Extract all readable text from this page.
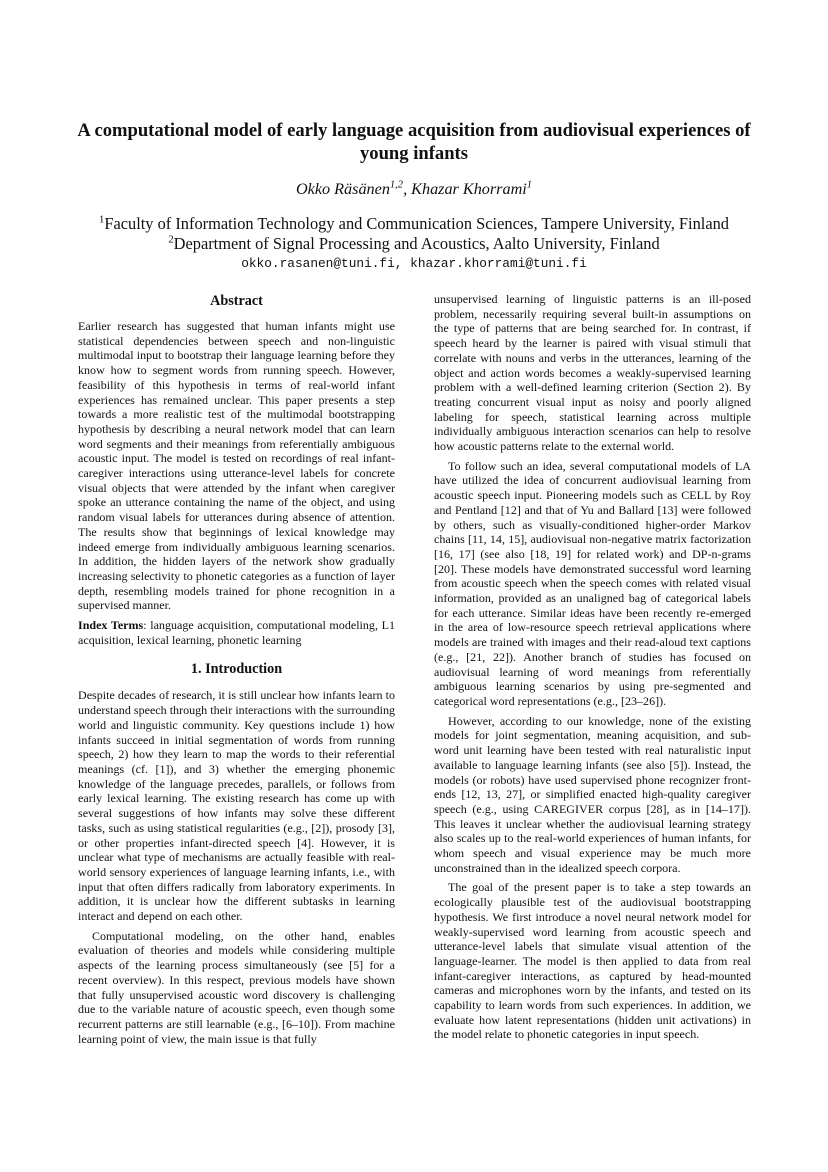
A computational model of early language acquisition from audiovisual experiences of young infants
Okko Räsänen$^{1,2}$, Khazar Khorrami$^1$
$^1$Faculty of Information Technology and Communication Sciences, Tampere University, Finland
$^2$Department of Signal Processing and Acoustics, Aalto University, Finland
okko.rasanen@tuni.fi, khazar.khorrami@tuni.fi
Abstract

Earlier research has suggested that human infants might use statistical dependencies between speech and non-linguistic multimodal input to bootstrap their language learning before they know how to segment words from running speech. However, feasibility of this hypothesis in terms of real-world infant experiences has remained unclear. This paper presents a step towards a more realistic test of the multimodal bootstrapping hypothesis by describing a neural network model that can learn word segments and their meanings from referentially ambiguous acoustic input. The model is tested on recordings of real infant-caregiver interactions using utterance-level labels for concrete visual objects that were attended by the infant when caregiver spoke an utterance containing the name of the object, and using random visual labels for utterances during absence of attention. The results show that beginnings of lexical knowledge may indeed emerge from individually ambiguous learning scenarios. In addition, the hidden layers of the network show gradually increasing selectivity to phonetic categories as a function of layer depth, resembling models trained for phone recognition in a supervised manner.

Index Terms: language acquisition, computational modeling, L1 acquisition, lexical learning, phonetic learning

1. Introduction

Despite decades of research, it is still unclear how infants learn to understand speech through their interactions with the surrounding world and linguistic community. Key questions include 1) how infants succeed in initial segmentation of words from running speech, 2) how they learn to map the words to their referential meanings (cf. [1]), and 3) whether the emerging phonemic knowledge of the language precedes, parallels, or follows from early lexical learning. The existing research has come up with several suggestions of how infants may solve these different tasks, such as using statistical regularities (e.g., [2]), prosody [3], or other properties infant-directed speech [4]. However, it is unclear what type of mechanisms are actually feasible with real-world sensory experiences of language learning infants, i.e., with input that often differs radically from laboratory experiments. In addition, it is unclear how the different subtasks in learning interact and depend on each other.

Computational modeling, on the other hand, enables evaluation of theories and models while considering multiple aspects of the learning process simultaneously (see [5] for a recent overview). In this respect, previous models have shown that fully unsupervised acoustic word discovery is challenging due to the variable nature of acoustic speech, even though some recurrent patterns are still learnable (e.g., [6–10]). From machine learning point of view, the main issue is that fully

unsupervised learning of linguistic patterns is an ill-posed problem, necessarily requiring several built-in assumptions on the type of patterns that are being searched for. In contrast, if speech heard by the learner is paired with visual stimuli that correlate with nouns and verbs in the utterances, learning of the object and action words becomes a weakly-supervised learning problem with a well-defined learning criterion (Section 2). By treating concurrent visual input as noisy and poorly aligned labeling for speech, statistical learning across multiple individually ambiguous interaction scenarios can help to resolve how acoustic patterns relate to the external world.

To follow such an idea, several computational models of LA have utilized the idea of concurrent audiovisual learning from acoustic speech input. Pioneering models such as CELL by Roy and Pentland [12] and that of Yu and Ballard [13] were followed by others, such as visually-conditioned higher-order Markov chains [11, 14, 15], audiovisual non-negative matrix factorization [16, 17] (see also [18, 19] for related work) and DP-n-grams [20]. These models have demonstrated successful word learning from acoustic speech when the speech comes with related visual information, provided as an unaligned bag of categorical labels for each utterance. Similar ideas have been recently re-emerged in the area of low-resource speech retrieval applications where models are trained with images and their read-aloud text captions (e.g., [21, 22]). Another branch of studies has focused on audiovisual learning of word meanings from referentially ambiguous learning scenarios by using pre-segmented and categorical word representations (e.g., [23–26]).

However, according to our knowledge, none of the existing models for joint segmentation, meaning acquisition, and sub-word unit learning have been tested with real naturalistic input available to language learning infants (see also [5]). Instead, the models (or robots) have used supervised phone recognizer front-ends [12, 13, 27], or simplified enacted high-quality caregiver speech (e.g., using CAREGIVER corpus [28], as in [14–17]). This leaves it unclear whether the audiovisual learning strategy also scales up to the real-world experiences of human infants, for whom speech and visual experience may be much more unconstrained than in the idealized speech corpora.

The goal of the present paper is to take a step towards an ecologically plausible test of the audiovisual bootstrapping hypothesis. We first introduce a novel neural network model for weakly-supervised word learning from acoustic speech and utterance-level labels that simulate visual attention of the language-learner. The model is then applied to data from real infant-caregiver interactions, as captured by head-mounted cameras and microphones worn by the infants, and tested on its capability to learn words from such experiences. In addition, we evaluate how latent representations (hidden unit activations) in the model relate to phonetic categories in input speech.
